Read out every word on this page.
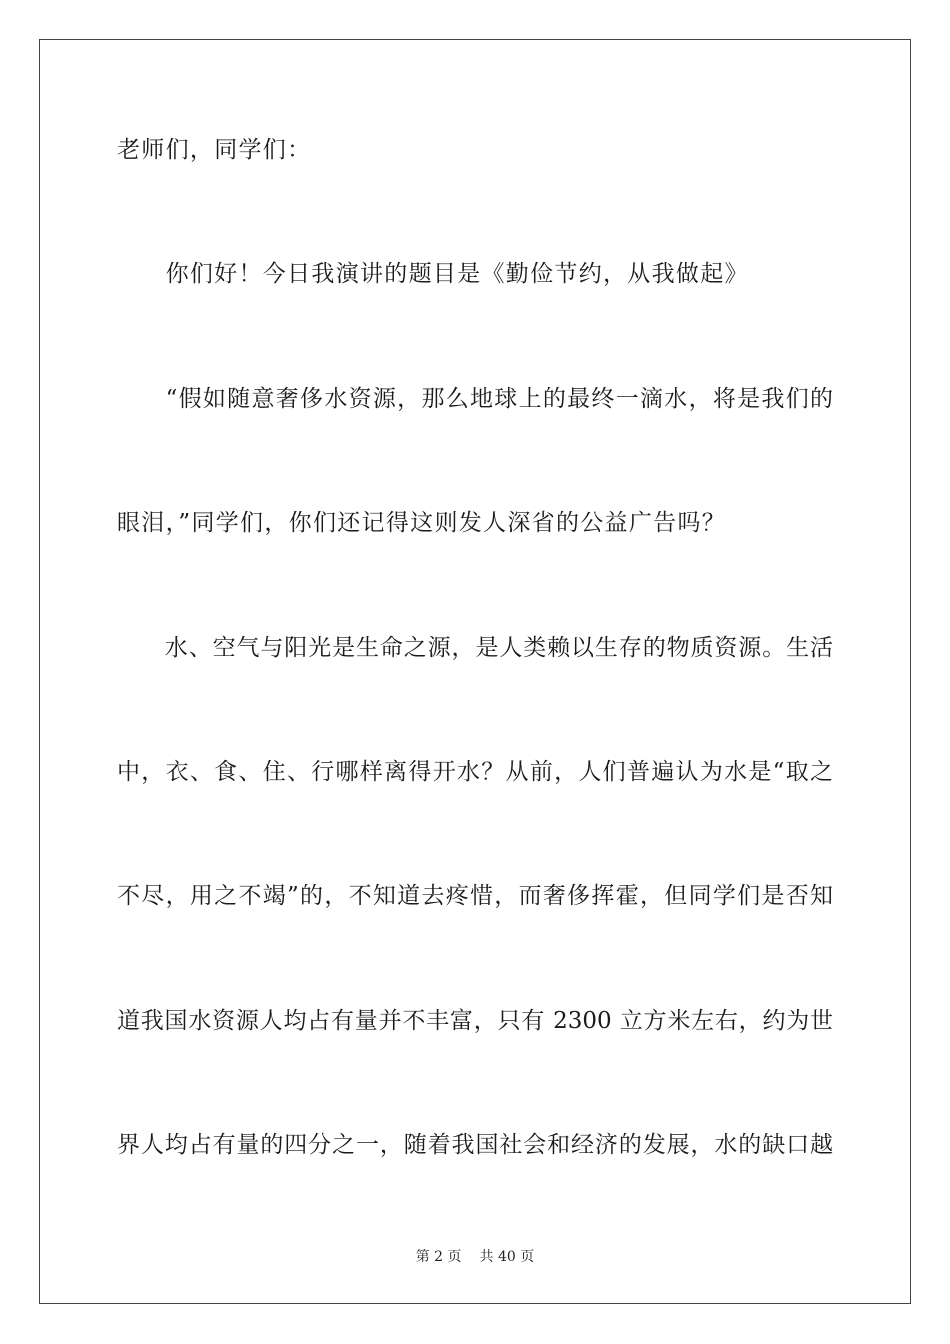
老师们，同学们：
　　你们好！今日我演讲的题目是《勤俭节约，从我做起》
　　“假如随意奢侈水资源，那么地球上的最终一滴水，将是我们的
眼泪，”同学们，你们还记得这则发人深省的公益广告吗？
　　水、空气与阳光是生命之源，是人类赖以生存的物质资源。生活
中，衣、食、住、行哪样离得开水？从前，人们普遍认为水是“取之
不尽，用之不竭”的，不知道去疼惜，而奢侈挥霍，但同学们是否知
道我国水资源人均占有量并不丰富，只有 2300 立方米左右，约为世
界人均占有量的四分之一，随着我国社会和经济的发展，水的缺口越
第 2 页 共 40 页
